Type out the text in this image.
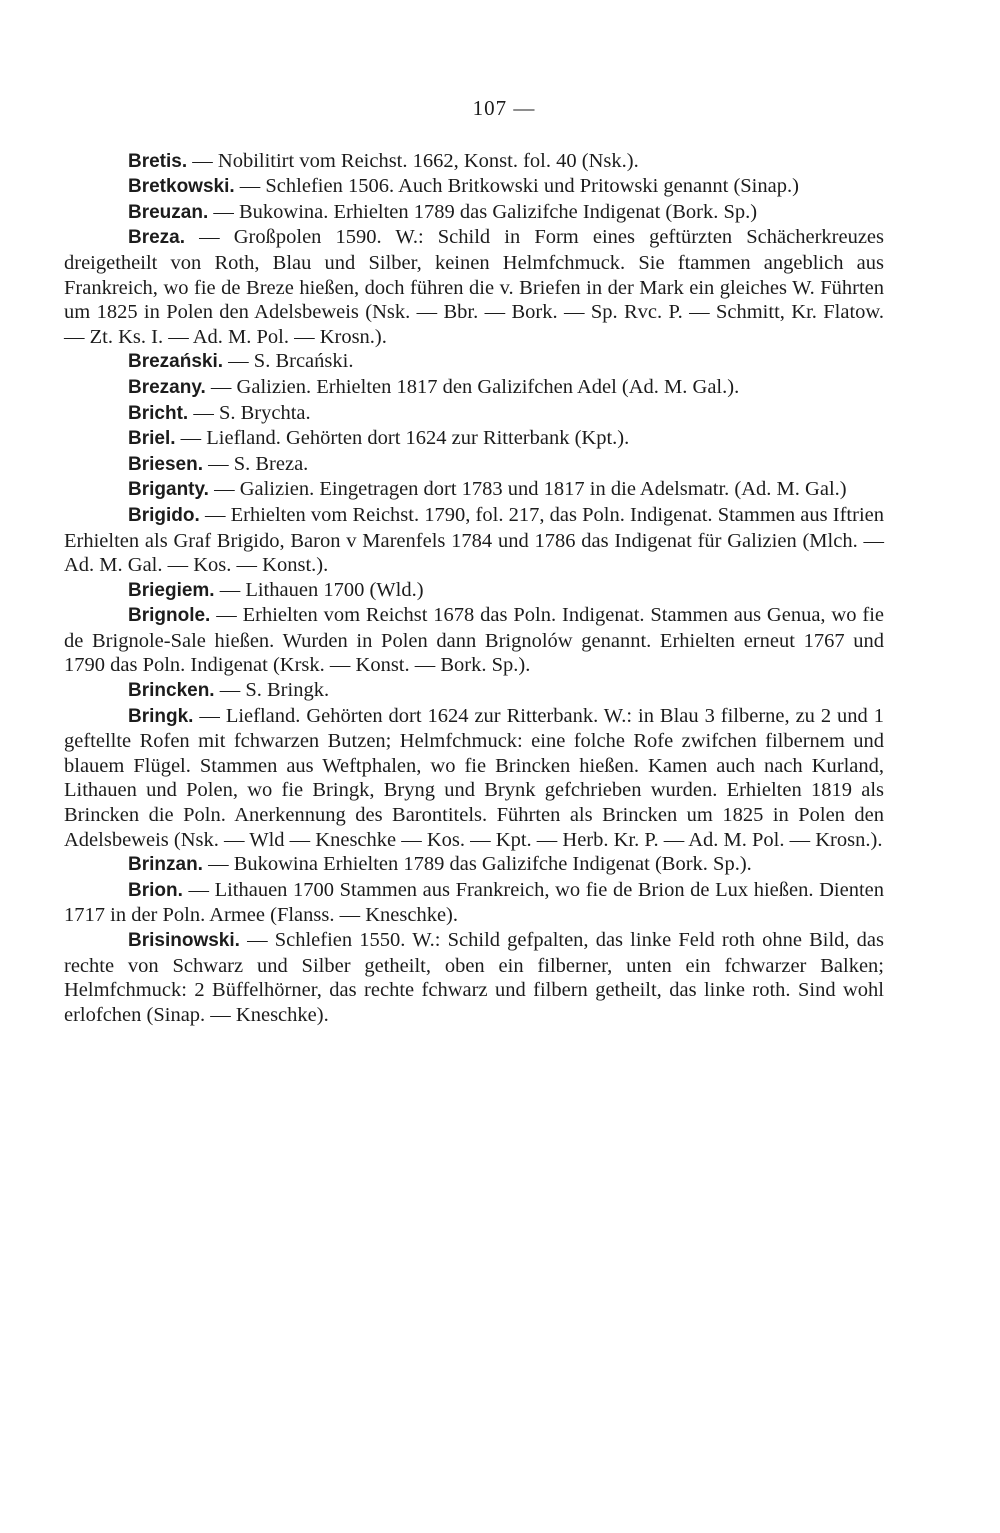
107 —

Bretis. — Nobilitirt vom Reichst. 1662, Konst. fol. 40 (Nsk.).

Bretkowski. — Schlefien 1506. Auch Britkowski und Pritowski genannt (Sinap.)

Breuzan. — Bukowina. Erhielten 1789 das Galizifche Indigenat (Bork. Sp.)

Breza. — Großpolen 1590. W.: Schild in Form eines geftürzten Schächerkreuzes dreigetheilt von Roth, Blau und Silber, keinen Helmfchmuck. Sie ftammen angeblich aus Frankreich, wo fie de Breze hießen, doch führen die v. Briefen in der Mark ein gleiches W. Führten um 1825 in Polen den Adelsbeweis (Nsk. — Bbr. — Bork. — Sp. Rvc. P. — Schmitt, Kr. Flatow. — Zt. Ks. I. — Ad. M. Pol. — Krosn.).

Brezański. — S. Brcański.

Brezany. — Galizien. Erhielten 1817 den Galizifchen Adel (Ad. M. Gal.).

Bricht. — S. Brychta.

Briel. — Liefland. Gehörten dort 1624 zur Ritterbank (Kpt.).

Briesen. — S. Breza.

Briganty. — Galizien. Eingetragen dort 1783 und 1817 in die Adelsmatr. (Ad. M. Gal.)

Brigido. — Erhielten vom Reichst. 1790, fol. 217, das Poln. Indigenat. Stammen aus Iftrien Erhielten als Graf Brigido, Baron v Marenfels 1784 und 1786 das Indigenat für Galizien (Mlch. — Ad. M. Gal. — Kos. — Konst.).

Briegiem. — Lithauen 1700 (Wld.)

Brignole. — Erhielten vom Reichst 1678 das Poln. Indigenat. Stammen aus Genua, wo fie de Brignole-Sale hießen. Wurden in Polen dann Brignolów genannt. Erhielten erneut 1767 und 1790 das Poln. Indigenat (Krsk. — Konst. — Bork. Sp.).

Brincken. — S. Bringk.

Bringk. — Liefland. Gehörten dort 1624 zur Ritterbank. W.: in Blau 3 filberne, zu 2 und 1 geftellte Rofen mit fchwarzen Butzen; Helmfchmuck: eine folche Rofe zwifchen filbernem und blauem Flügel. Stammen aus Weftphalen, wo fie Brincken hießen. Kamen auch nach Kurland, Lithauen und Polen, wo fie Bringk, Bryng und Brynk gefchrieben wurden. Erhielten 1819 als Brincken die Poln. Anerkennung des Barontitels. Führten als Brincken um 1825 in Polen den Adelsbeweis (Nsk. — Wld — Kneschke — Kos. — Kpt. — Herb. Kr. P. — Ad. M. Pol. — Krosn.).

Brinzan. — Bukowina Erhielten 1789 das Galizifche Indigenat (Bork. Sp.).

Brion. — Lithauen 1700 Stammen aus Frankreich, wo fie de Brion de Lux hießen. Dienten 1717 in der Poln. Armee (Flanss. — Kneschke).

Brisinowski. — Schlefien 1550. W.: Schild gefpalten, das linke Feld roth ohne Bild, das rechte von Schwarz und Silber getheilt, oben ein filberner, unten ein fchwarzer Balken; Helmfchmuck: 2 Büffelhörner, das rechte fchwarz und filbern getheilt, das linke roth. Sind wohl erlofchen (Sinap. — Kneschke).
